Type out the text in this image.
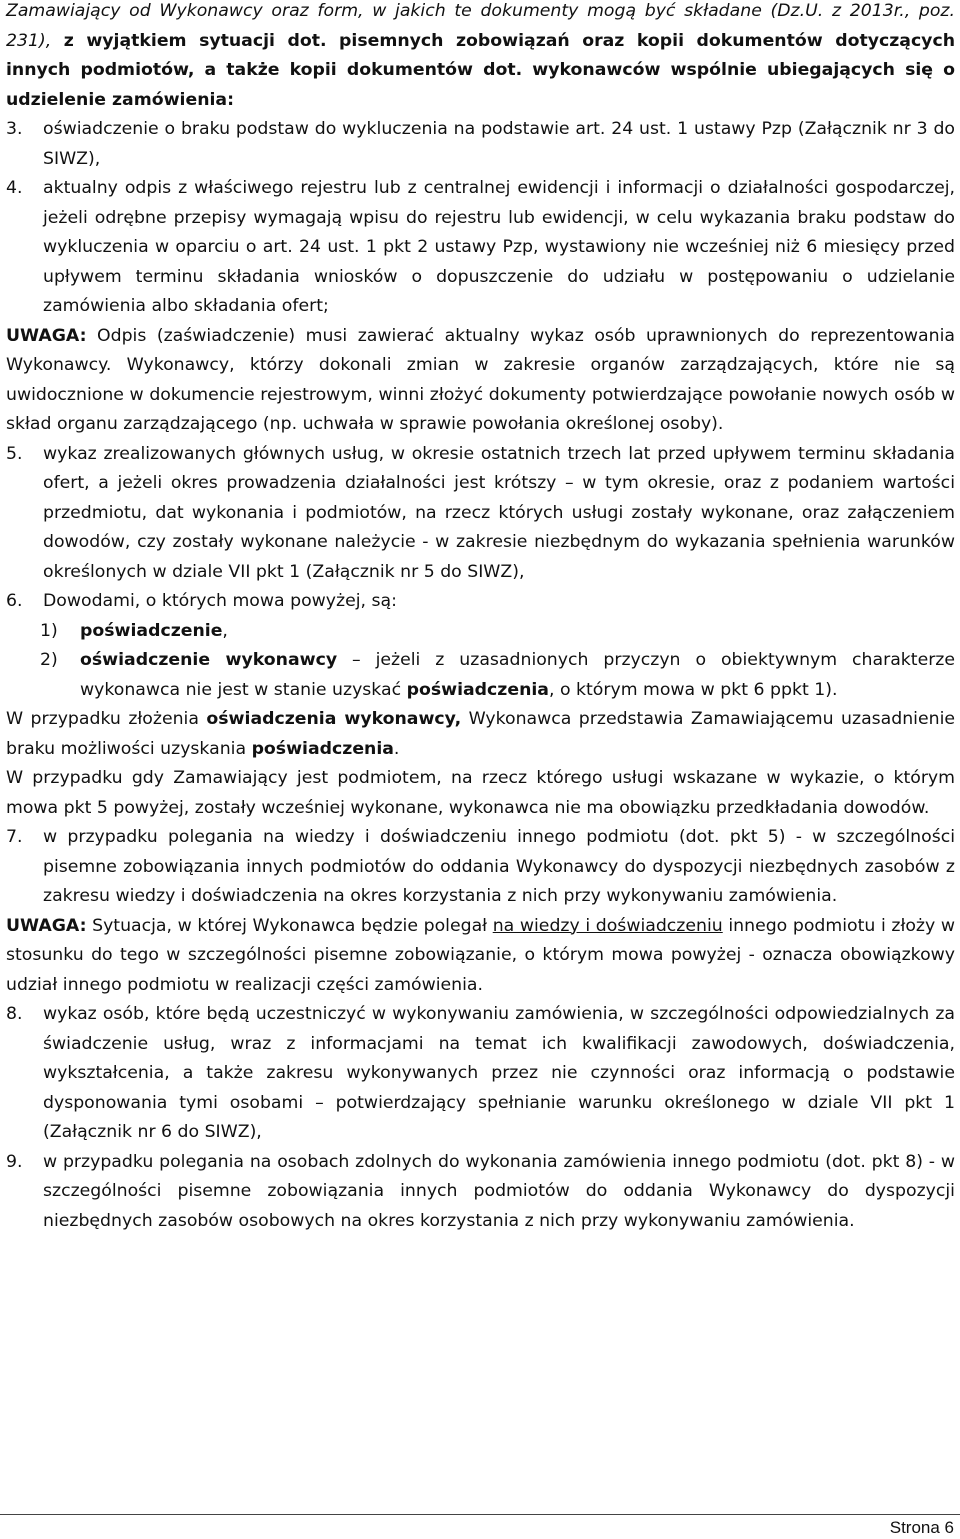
Zamawiający od Wykonawcy oraz form, w jakich te dokumenty mogą być składane (Dz.U. z 2013r., poz. 231), z wyjątkiem sytuacji dot. pisemnych zobowiązań oraz kopii dokumentów dotyczących innych podmiotów, a także kopii dokumentów dot. wykonawców wspólnie ubiegających się o udzielenie zamówienia:

3.	oświadczenie o braku podstaw do wykluczenia na podstawie art. 24 ust. 1 ustawy Pzp (Załącznik nr 3 do SIWZ),
4.	aktualny odpis z właściwego rejestru lub z centralnej ewidencji i informacji o działalności gospodarczej, jeżeli odrębne przepisy wymagają wpisu do rejestru lub ewidencji, w celu wykazania braku podstaw do wykluczenia w oparciu o art. 24 ust. 1 pkt 2 ustawy Pzp, wystawiony nie wcześniej niż 6 miesięcy przed upływem terminu składania wniosków o dopuszczenie do udziału w postępowaniu o udzielanie zamówienia albo składania ofert;

UWAGA: Odpis (zaświadczenie) musi zawierać aktualny wykaz osób uprawnionych do reprezentowania Wykonawcy. Wykonawcy, którzy dokonali zmian w zakresie organów zarządzających, które nie są uwidocznione w dokumencie rejestrowym, winni złożyć dokumenty potwierdzające powołanie nowych osób w skład organu zarządzającego (np. uchwała w sprawie powołania określonej osoby).

5.	wykaz zrealizowanych głównych usług, w okresie ostatnich trzech lat przed upływem terminu składania ofert, a jeżeli okres prowadzenia działalności jest krótszy – w tym okresie, oraz z podaniem wartości przedmiotu, dat wykonania i podmiotów, na rzecz których usługi zostały wykonane, oraz załączeniem dowodów, czy zostały wykonane należycie - w zakresie niezbędnym do wykazania spełnienia warunków określonych w dziale VII pkt 1 (Załącznik nr 5 do SIWZ),
6.	Dowodami, o których mowa powyżej, są:
1)	poświadczenie,
2)	oświadczenie wykonawcy – jeżeli z uzasadnionych przyczyn o obiektywnym charakterze wykonawca nie jest w stanie uzyskać poświadczenia, o którym mowa w pkt 6 ppkt 1).

W przypadku złożenia oświadczenia wykonawcy, Wykonawca przedstawia Zamawiającemu uzasadnienie braku możliwości uzyskania poświadczenia.

W przypadku gdy Zamawiający jest podmiotem, na rzecz którego usługi wskazane w wykazie, o którym mowa pkt 5 powyżej, zostały wcześniej wykonane, wykonawca nie ma obowiązku przedkładania dowodów.

7.	w przypadku polegania na wiedzy i doświadczeniu innego podmiotu (dot. pkt 5) - w szczególności pisemne zobowiązania innych podmiotów do oddania Wykonawcy do dyspozycji niezbędnych zasobów z zakresu wiedzy i doświadczenia na okres korzystania z nich przy wykonywaniu zamówienia.

UWAGA: Sytuacja, w której Wykonawca będzie polegał na wiedzy i doświadczeniu innego podmiotu i złoży w stosunku do tego w szczególności pisemne zobowiązanie, o którym mowa powyżej - oznacza obowiązkowy udział innego podmiotu w realizacji części zamówienia.

8.	wykaz osób, które będą uczestniczyć w wykonywaniu zamówienia, w szczególności odpowiedzialnych za świadczenie usług, wraz z informacjami na temat ich kwalifikacji zawodowych, doświadczenia, wykształcenia, a także zakresu wykonywanych przez nie czynności oraz informacją o podstawie dysponowania tymi osobami – potwierdzający spełnianie warunku określonego w dziale VII pkt 1 (Załącznik nr 6 do SIWZ),
9.	w przypadku polegania na osobach zdolnych do wykonania zamówienia innego podmiotu (dot. pkt 8) - w szczególności pisemne zobowiązania innych podmiotów do oddania Wykonawcy do dyspozycji niezbędnych zasobów osobowych na okres korzystania z nich przy wykonywaniu zamówienia.
Strona 6
